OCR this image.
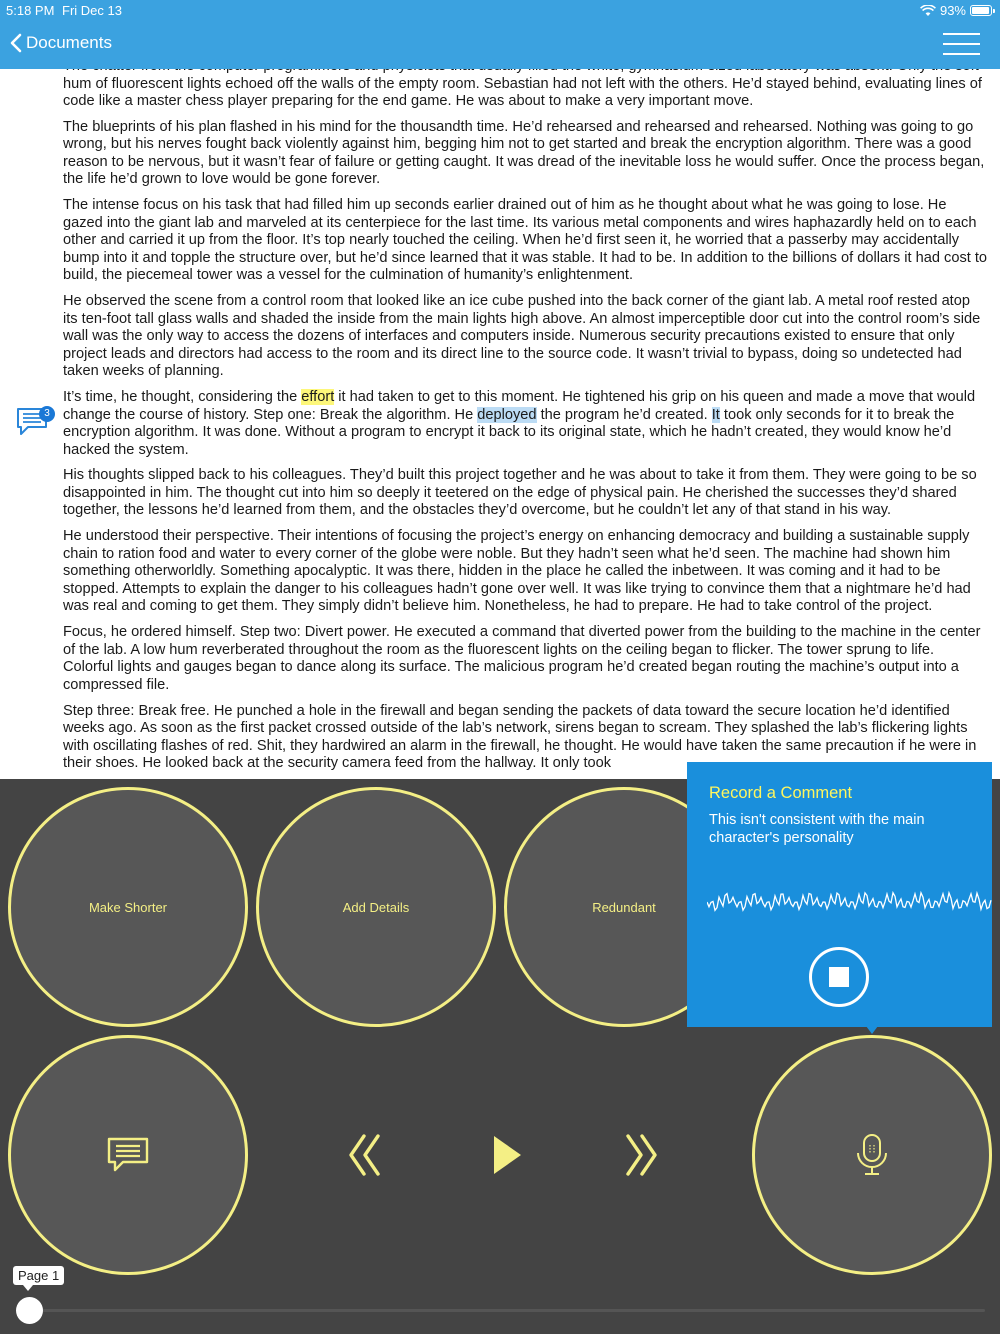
5:18 PM Fri Dec 13	93%
Documents

hum of fluorescent lights echoed off the walls of the empty room. Sebastian had not left with the others. He’d stayed behind, evaluating lines of code like a master chess player preparing for the end game. He was about to make a very important move.

The blueprints of his plan flashed in his mind for the thousandth time. He’d rehearsed and rehearsed and rehearsed. Nothing was going to go wrong, but his nerves fought back violently against him, begging him not to get started and break the encryption algorithm. There was a good reason to be nervous, but it wasn’t fear of failure or getting caught. It was dread of the inevitable loss he would suffer. Once the process began, the life he’d grown to love would be gone forever.

The intense focus on his task that had filled him up seconds earlier drained out of him as he thought about what he was going to lose. He gazed into the giant lab and marveled at its centerpiece for the last time. Its various metal components and wires haphazardly held on to each other and carried it up from the floor. It’s top nearly touched the ceiling. When he’d first seen it, he worried that a passerby may accidentally bump into it and topple the structure over, but he’d since learned that it was stable. It had to be. In addition to the billions of dollars it had cost to build, the piecemeal tower was a vessel for the culmination of humanity’s enlightenment.

He observed the scene from a control room that looked like an ice cube pushed into the back corner of the giant lab. A metal roof rested atop its ten-foot tall glass walls and shaded the inside from the main lights high above. An almost imperceptible door cut into the control room’s side wall was the only way to access the dozens of interfaces and computers inside. Numerous security precautions existed to ensure that only project leads and directors had access to the room and its direct line to the source code. It wasn’t trivial to bypass, doing so undetected had taken weeks of planning.

It’s time, he thought, considering the effort it had taken to get to this moment. He tightened his grip on his queen and made a move that would change the course of history. Step one: Break the algorithm. He deployed the program he’d created. It took only seconds for it to break the encryption algorithm. It was done. Without a program to encrypt it back to its original state, which he hadn’t created, they would know he’d hacked the system.

His thoughts slipped back to his colleagues. They’d built this project together and he was about to take it from them. They were going to be so disappointed in him. The thought cut into him so deeply it teetered on the edge of physical pain. He cherished the successes they’d shared together, the lessons he’d learned from them, and the obstacles they’d overcome, but he couldn’t let any of that stand in his way.

He understood their perspective. Their intentions of focusing the project’s energy on enhancing democracy and building a sustainable supply chain to ration food and water to every corner of the globe were noble. But they hadn’t seen what he’d seen. The machine had shown him something otherworldly. Something apocalyptic. It was there, hidden in the place he called the inbetween. It was coming and it had to be stopped. Attempts to explain the danger to his colleagues hadn’t gone over well. It was like trying to convince them that a nightmare he’d had was real and coming to get them. They simply didn’t believe him. Nonetheless, he had to prepare. He had to take control of the project.

Focus, he ordered himself. Step two: Divert power. He executed a command that diverted power from the building to the machine in the center of the lab. A low hum reverberated throughout the room as the fluorescent lights on the ceiling began to flicker. The tower sprung to life. Colorful lights and gauges began to dance along its surface. The malicious program he’d created began routing the machine’s output into a compressed file.

Step three: Break free. He punched a hole in the firewall and began sending the packets of data toward the secure location he’d identified weeks ago. As soon as the first packet crossed outside of the lab’s network, sirens began to scream. They splashed the lab’s flickering lights with oscillating flashes of red. Shit, they hardwired an alarm in the firewall, he thought. He would have taken the same precaution if he were in their shoes. He looked back at the security camera feed from the hallway. It only took

3
Make Shorter	Add Details	Redundant
Record a Comment
This isn't consistent with the main character's personality
Page 1
